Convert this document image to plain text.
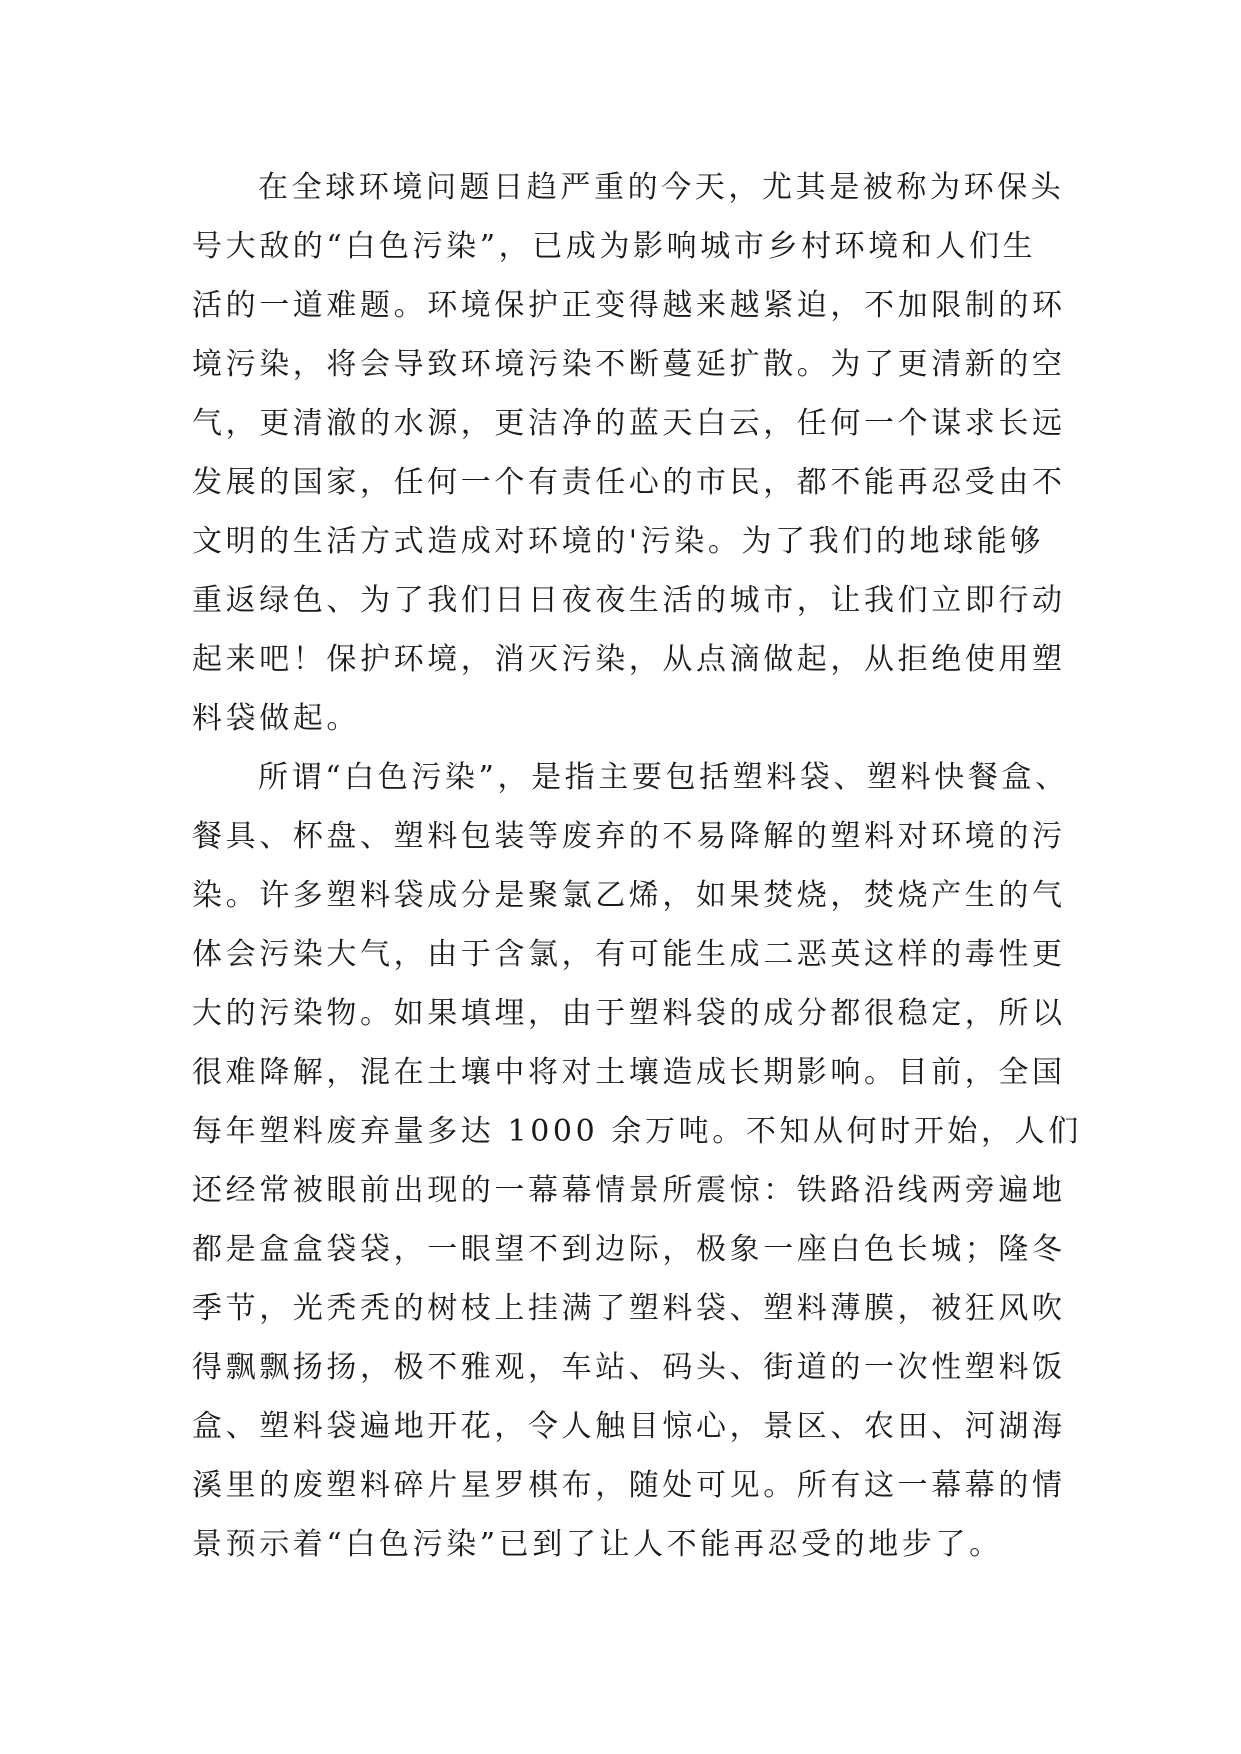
在全球环境问题日趋严重的今天，尤其是被称为环保头
号大敌的“白色污染”，已成为影响城市乡村环境和人们生
活的一道难题。环境保护正变得越来越紧迫，不加限制的环
境污染，将会导致环境污染不断蔓延扩散。为了更清新的空
气，更清澈的水源，更洁净的蓝天白云，任何一个谋求长远
发展的国家，任何一个有责任心的市民，都不能再忍受由不
文明的生活方式造成对环境的'污染。为了我们的地球能够
重返绿色、为了我们日日夜夜生活的城市，让我们立即行动
起来吧！保护环境，消灭污染，从点滴做起，从拒绝使用塑
料袋做起。
所谓“白色污染”，是指主要包括塑料袋、塑料快餐盒、
餐具、杯盘、塑料包装等废弃的不易降解的塑料对环境的污
染。许多塑料袋成分是聚氯乙烯，如果焚烧，焚烧产生的气
体会污染大气，由于含氯，有可能生成二恶英这样的毒性更
大的污染物。如果填埋，由于塑料袋的成分都很稳定，所以
很难降解，混在土壤中将对土壤造成长期影响。目前，全国
每年塑料废弃量多达 1000 余万吨。不知从何时开始，人们
还经常被眼前出现的一幕幕情景所震惊：铁路沿线两旁遍地
都是盒盒袋袋，一眼望不到边际，极象一座白色长城；隆冬
季节，光秃秃的树枝上挂满了塑料袋、塑料薄膜，被狂风吹
得飘飘扬扬，极不雅观，车站、码头、街道的一次性塑料饭
盒、塑料袋遍地开花，令人触目惊心，景区、农田、河湖海
溪里的废塑料碎片星罗棋布，随处可见。所有这一幕幕的情
景预示着“白色污染”已到了让人不能再忍受的地步了。
